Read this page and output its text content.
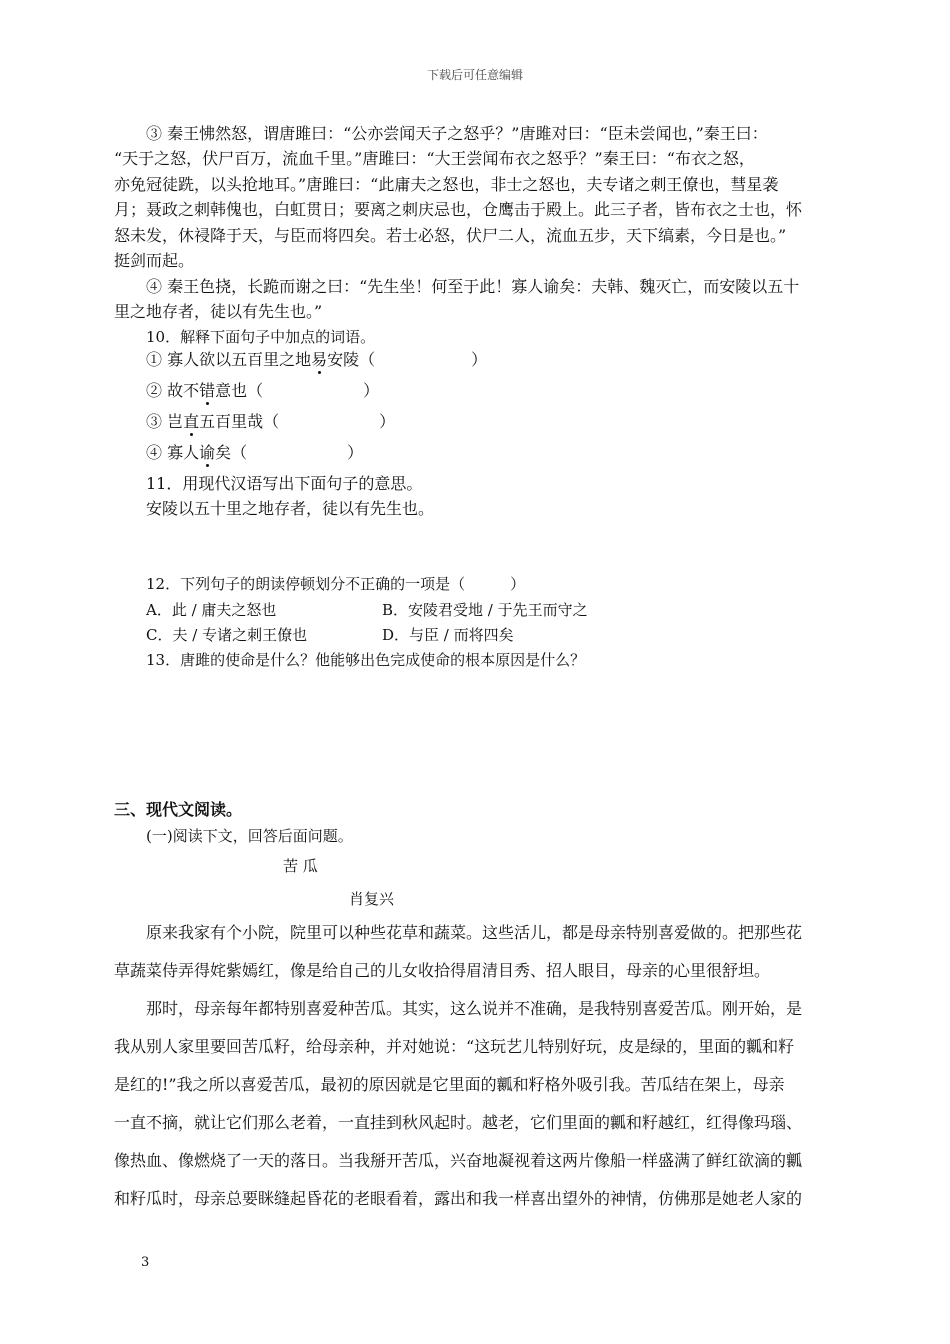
下载后可任意编辑
③ 秦王怫然怒，谓唐雎曰：“公亦尝闻天子之怒乎？”唐雎对曰：“臣未尝闻也，”秦王曰：
“天于之怒，伏尸百万，流血千里。”唐雎曰：“大王尝闻布衣之怒乎？”秦王曰：“布衣之怒，
亦免冠徒跣，以头抢地耳。”唐雎曰：“此庸夫之怒也，非士之怒也，夫专诸之刺王僚也，彗星袭
月；聂政之刺韩傀也，白虹贯日；要离之刺庆忌也，仓鹰击于殿上。此三子者，皆布衣之士也，怀
怒未发，休祲降于天，与臣而将四矣。若士必怒，伏尸二人，流血五步，天下缟素，今日是也。”
挺剑而起。
④ 秦王色挠，长跪而谢之曰：“先生坐！何至于此！寡人谕矣：夫韩、魏灭亡，而安陵以五十
里之地存者，徒以有先生也。”
10．解释下面句子中加点的词语。
① 寡人欲以五百里之地易安陵（	）
② 故不错意也（	）
③ 岂直五百里哉（	）
④ 寡人谕矣（	）
11．用现代汉语写出下面句子的意思。
安陵以五十里之地存者，徒以有先生也。
12．下列句子的朗读停顿划分不正确的一项是（　　　）
A．此 / 庸夫之怒也	B．安陵君受地 / 于先王而守之
C．夫 / 专诸之刺王僚也	D．与臣 / 而将四矣
13．唐雎的使命是什么？他能够出色完成使命的根本原因是什么？
三、现代文阅读。
(一)阅读下文，回答后面问题。
苦 瓜
肖复兴
原来我家有个小院，院里可以种些花草和蔬菜。这些活儿，都是母亲特别喜爱做的。把那些花
草蔬菜侍弄得姹紫嫣红，像是给自己的儿女收拾得眉清目秀、招人眼目，母亲的心里很舒坦。
那时，母亲每年都特别喜爱种苦瓜。其实，这么说并不准确，是我特别喜爱苦瓜。刚开始，是
我从别人家里要回苦瓜籽，给母亲种，并对她说：“这玩艺儿特别好玩，皮是绿的，里面的瓤和籽
是红的!”我之所以喜爱苦瓜，最初的原因就是它里面的瓤和籽格外吸引我。苦瓜结在架上，母亲
一直不摘，就让它们那么老着，一直挂到秋风起时。越老，它们里面的瓤和籽越红，红得像玛瑙、
像热血、像燃烧了一天的落日。当我掰开苦瓜，兴奋地凝视着这两片像船一样盛满了鲜红欲滴的瓤
和籽瓜时，母亲总要眯缝起昏花的老眼看着，露出和我一样喜出望外的神情，仿佛那是她老人家的
3
